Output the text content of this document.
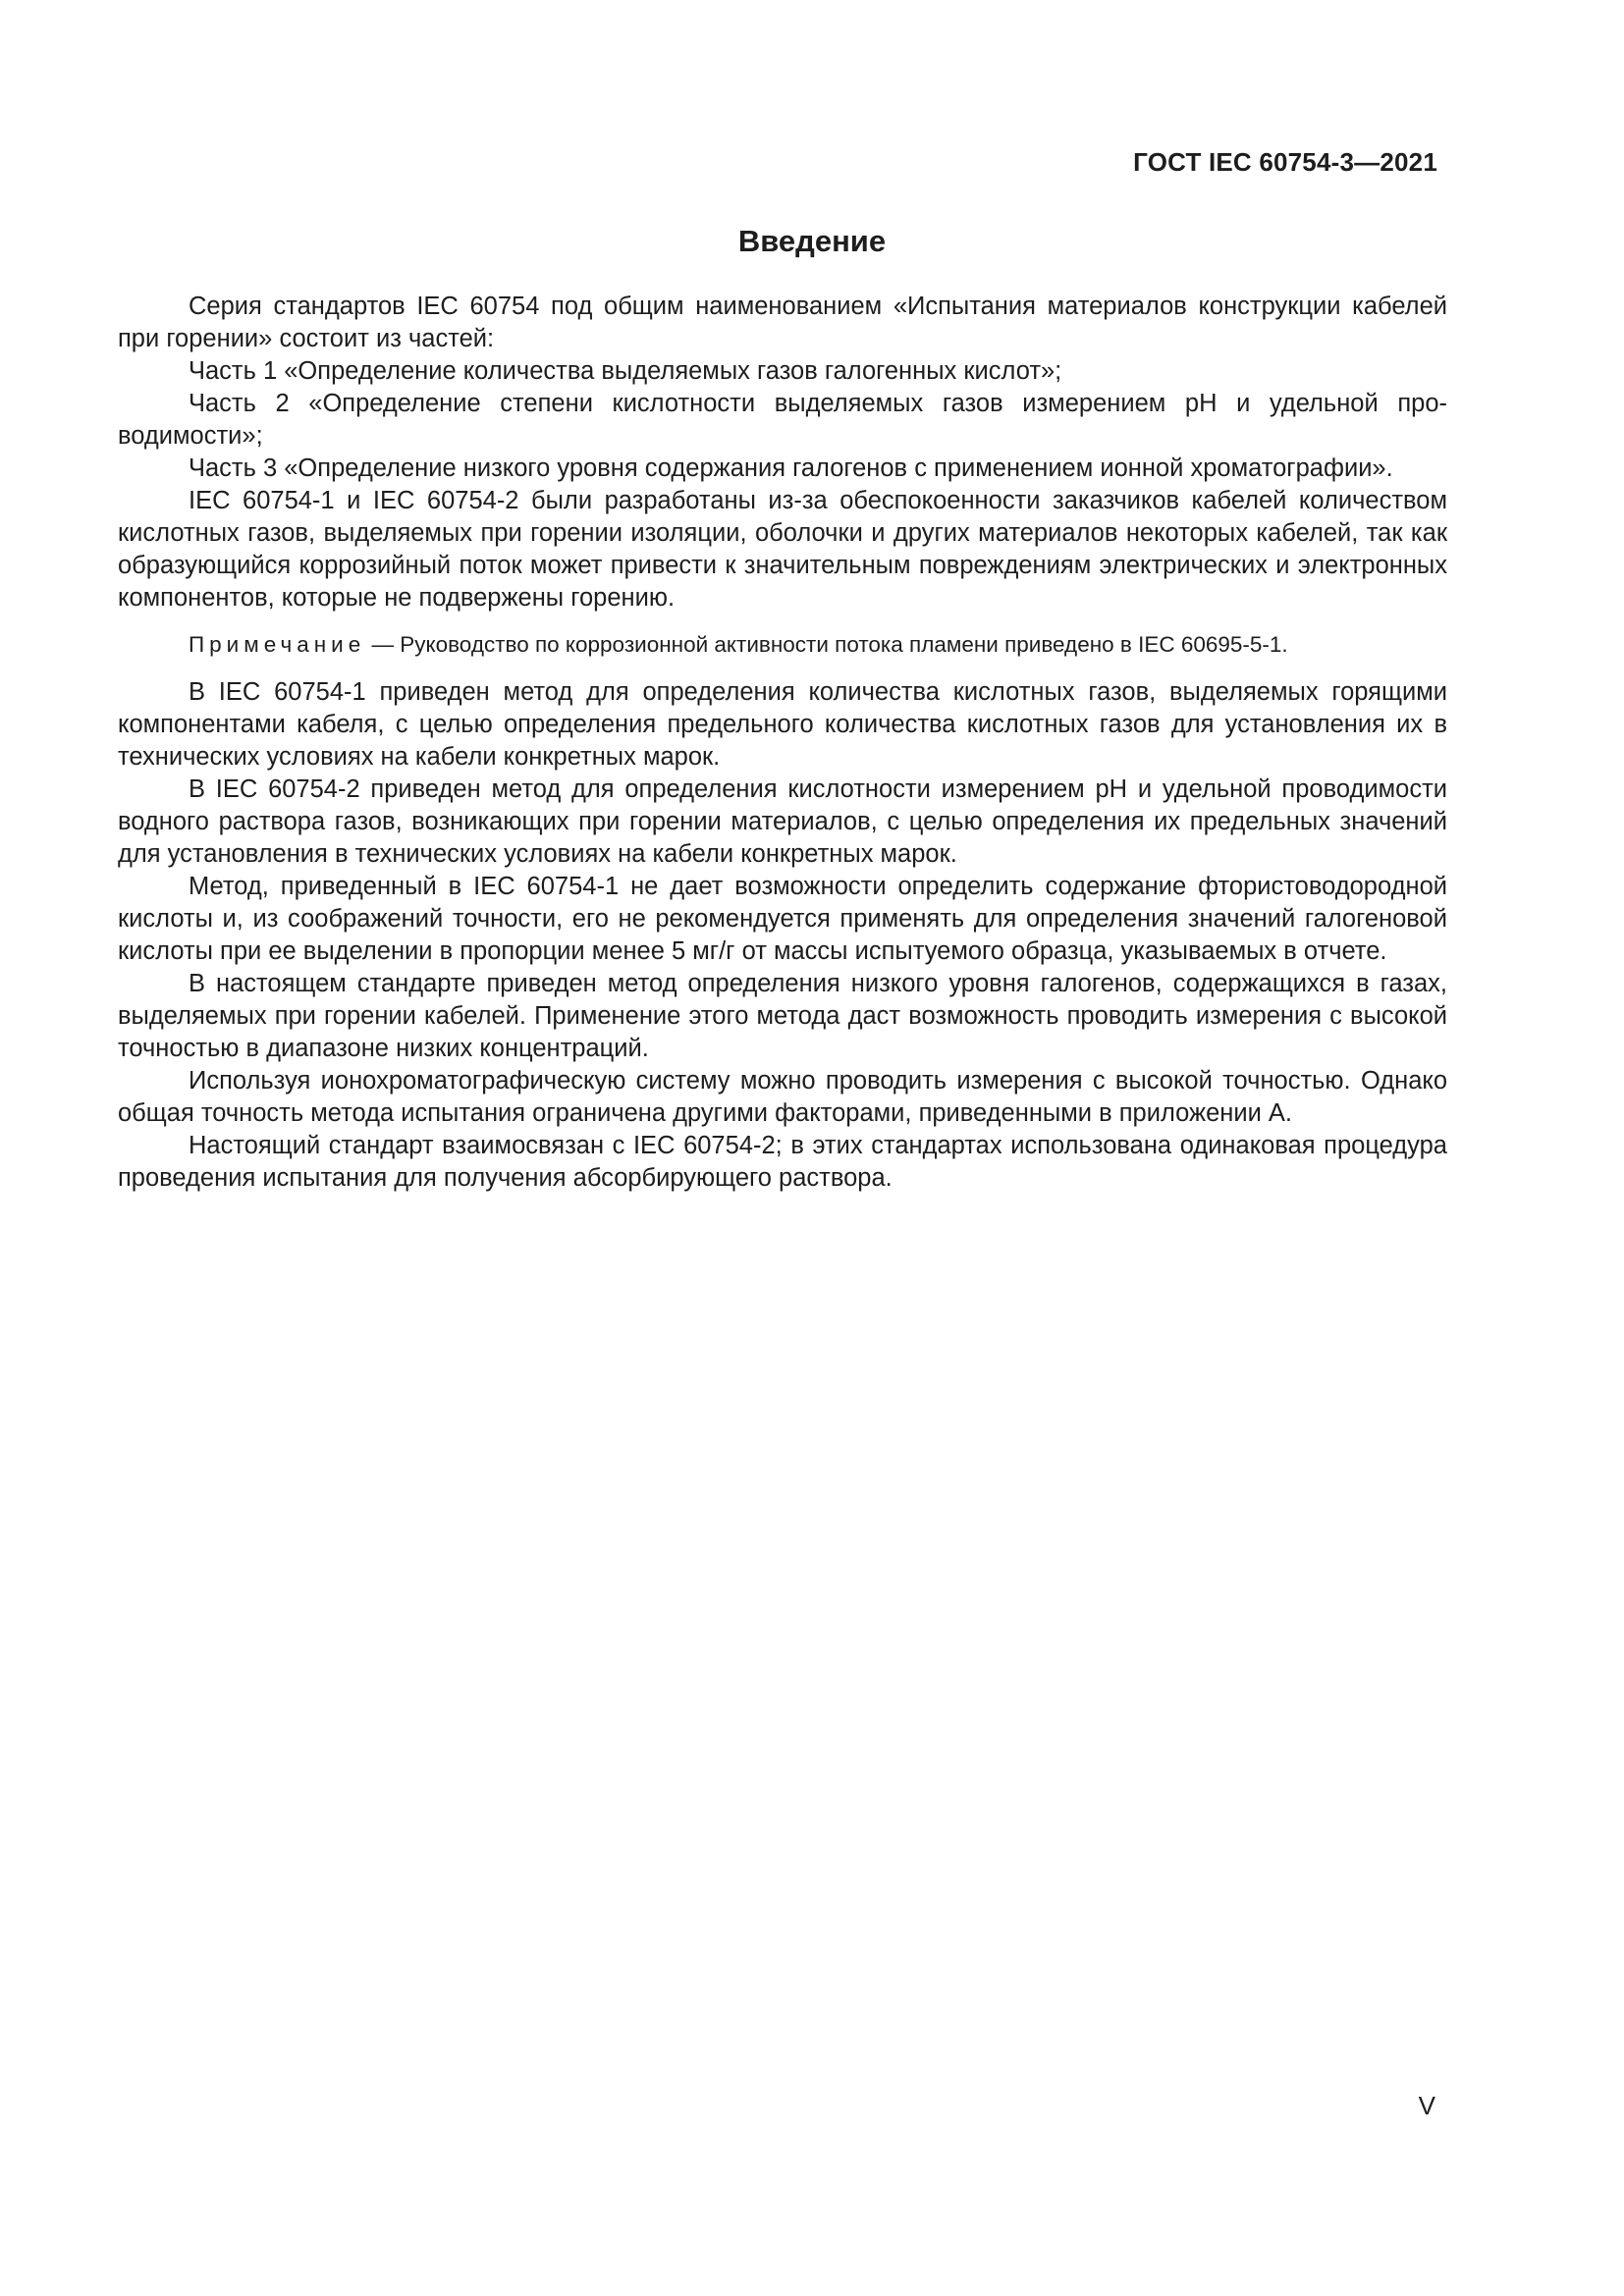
ГОСТ IEC 60754-3—2021
Введение

Серия стандартов IEC 60754 под общим наименованием «Испытания материалов конструкции кабелей при горении» состоит из частей:

Часть 1 «Определение количества выделяемых газов галогенных кислот»;

Часть 2 «Определение степени кислотности выделяемых газов измерением pH и удельной проводимости»;

Часть 3 «Определение низкого уровня содержания галогенов с применением ионной хроматографии».

IEC 60754-1 и IEC 60754-2 были разработаны из-за обеспокоенности заказчиков кабелей количеством кислотных газов, выделяемых при горении изоляции, оболочки и других материалов некоторых кабелей, так как образующийся коррозийный поток может привести к значительным повреждениям электрических и электронных компонентов, которые не подвержены горению.

Примечание — Руководство по коррозионной активности потока пламени приведено в IEC 60695-5-1.

В IEC 60754-1 приведен метод для определения количества кислотных газов, выделяемых горящими компонентами кабеля, с целью определения предельного количества кислотных газов для установления их в технических условиях на кабели конкретных марок.

В IEC 60754-2 приведен метод для определения кислотности измерением pH и удельной проводимости водного раствора газов, возникающих при горении материалов, с целью определения их предельных значений для установления в технических условиях на кабели конкретных марок.

Метод, приведенный в IEC 60754-1 не дает возможности определить содержание фтористоводородной кислоты и, из соображений точности, его не рекомендуется применять для определения значений галогеновой кислоты при ее выделении в пропорции менее 5 мг/г от массы испытуемого образца, указываемых в отчете.

В настоящем стандарте приведен метод определения низкого уровня галогенов, содержащихся в газах, выделяемых при горении кабелей. Применение этого метода даст возможность проводить измерения с высокой точностью в диапазоне низких концентраций.

Используя ионохроматографическую систему можно проводить измерения с высокой точностью. Однако общая точность метода испытания ограничена другими факторами, приведенными в приложении А.

Настоящий стандарт взаимосвязан с IEC 60754-2; в этих стандартах использована одинаковая процедура проведения испытания для получения абсорбирующего раствора.

V
